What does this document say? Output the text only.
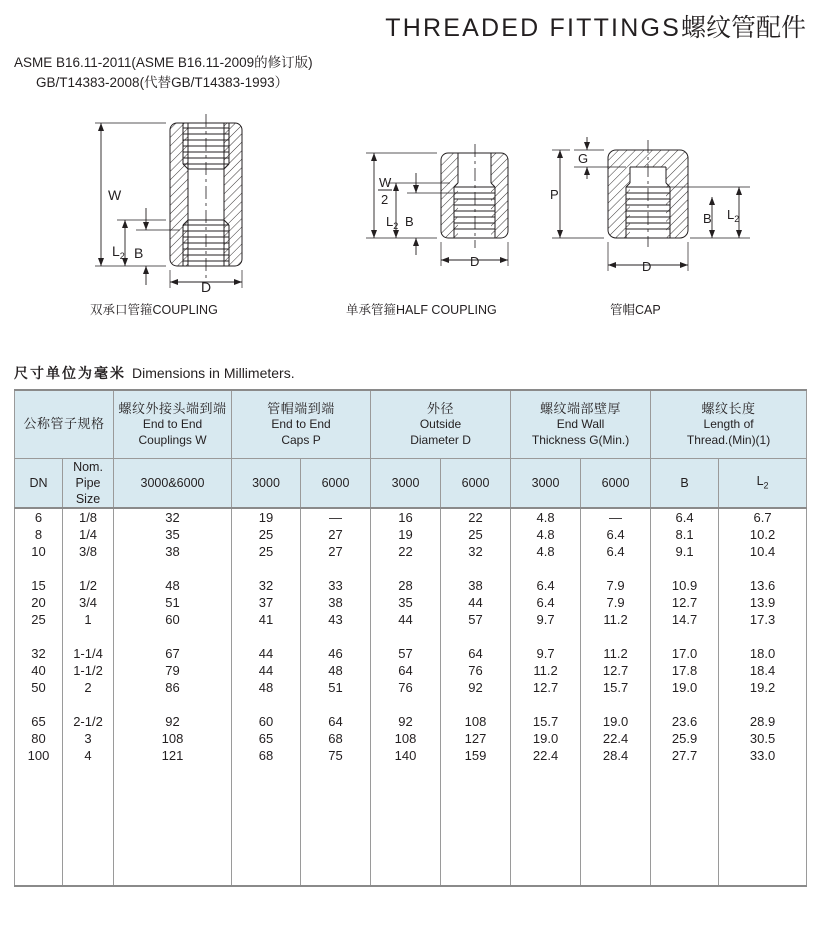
THREADED FITTINGS螺纹管配件
ASME B16.11-2011(ASME B16.11-2009的修订版)
GB/T14383-2008(代替GB/T14383-1993）
W
$L_2$ B
D
双承口管箍COUPLING
W
2
$L_2$ B
D
单承管箍HALF COUPLING
G
P
B $L_2$
D
管帽CAP
尺寸单位为毫米 Dimensions in Millimeters.
公称管子规格		螺纹外接头端到端
End to End
Couplings W	管帽端到端
End to End
Caps P		外径
Outside
Diameter D		螺纹端部壁厚
End Wall
Thickness G(Min.)		螺纹长度
Length of
Thread.(Min)(1)	

DN	Nom.
Pipe
Size									
		3000&6000	3000	6000	3000	6000	3000	6000	B	$L_2$
6	1/8	32	19	—	16	22	4.8	—	6.4	6.7
8	1/4	35	25	27	19	25	4.8	6.4	8.1	10.2
10	3/8	38	25	27	22	32	4.8	6.4	9.1	10.4

15	1/2	48	32	33	28	38	6.4	7.9	10.9	13.6
20	3/4	51	37	38	35	44	6.4	7.9	12.7	13.9
25	1	60	41	43	44	57	9.7	11.2	14.7	17.3

32	1-1/4	67	44	46	57	64	9.7	11.2	17.0	18.0
40	1-1/2	79	44	48	64	76	11.2	12.7	17.8	18.4
50	2	86	48	51	76	92	12.7	15.7	19.0	19.2

65	2-1/2	92	60	64	92	108	15.7	19.0	23.6	28.9
80	3	108	65	68	108	127	19.0	22.4	25.9	30.5
100	4	121	68	75	140	159	22.4	28.4	27.7	33.0
